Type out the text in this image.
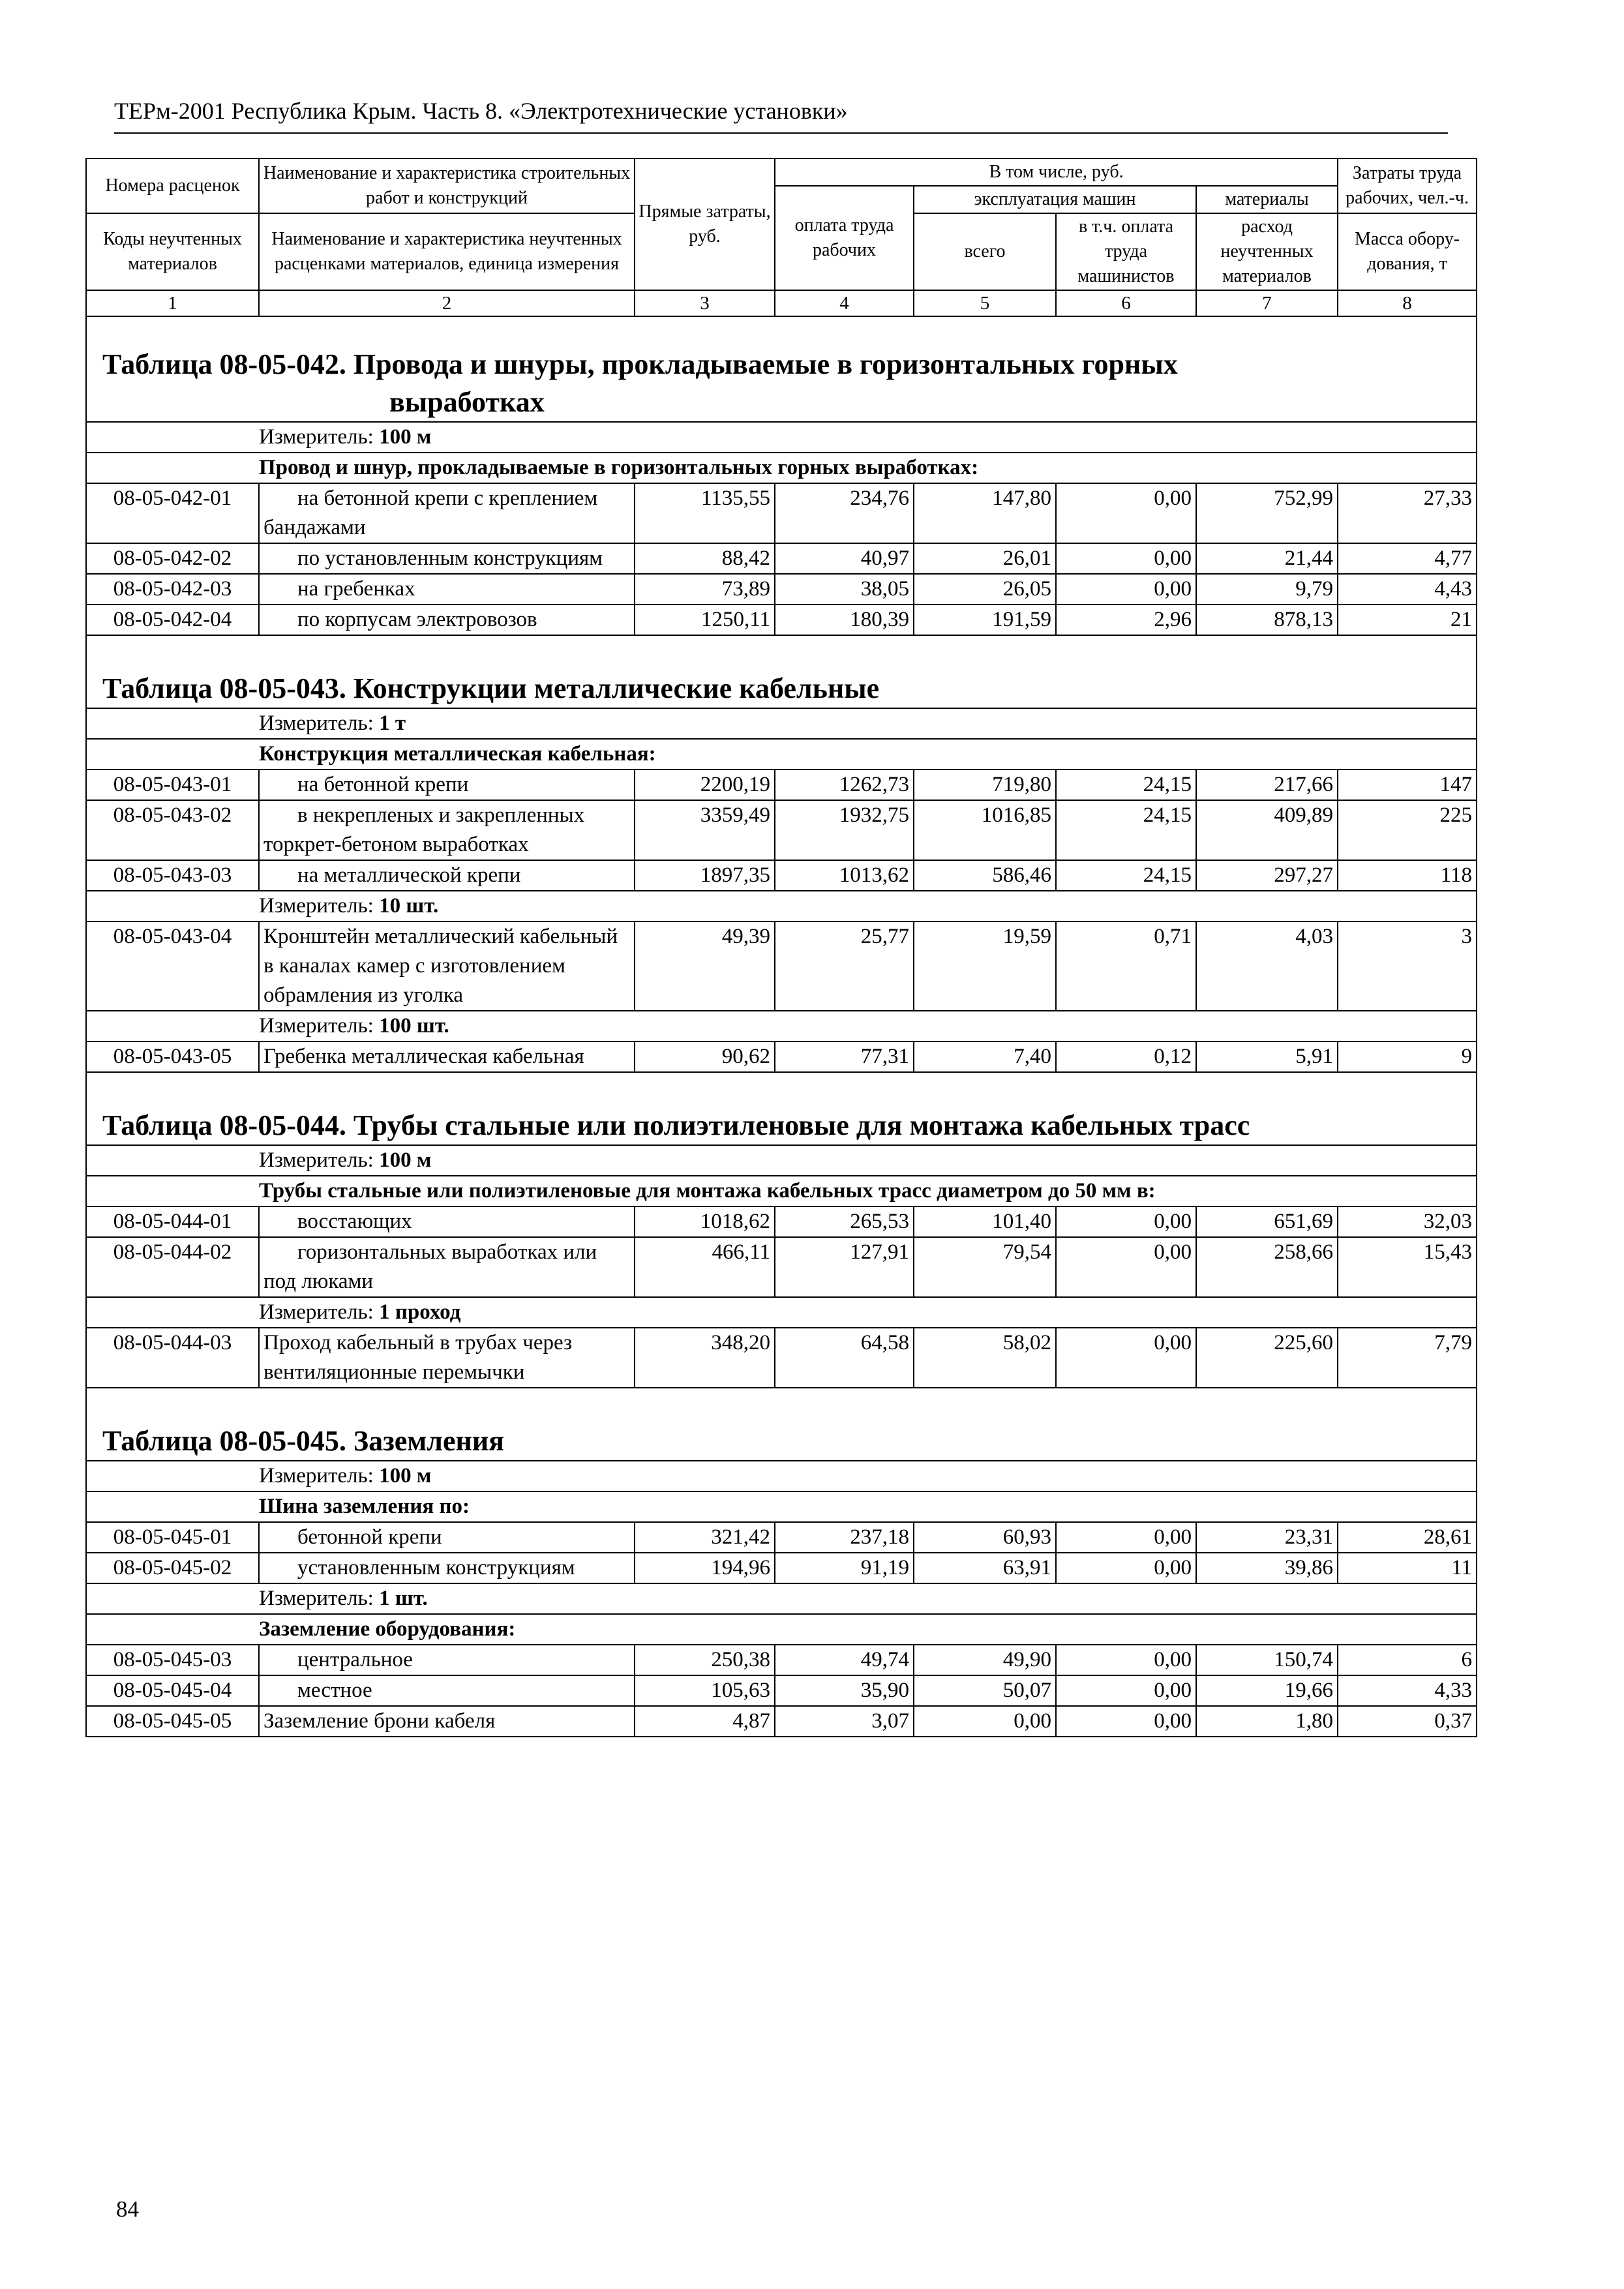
ТЕРм-2001 Республика Крым. Часть 8. «Электротехнические установки»
Номера расценок	Наименование и характеристика строительных работ и конструкций	Прямые затраты, руб.	В том числе, руб.				Затраты труда рабочих, чел.-ч.
			оплата труда рабочих	эксплуатация машин		материалы	
Коды неучтенных материалов	Наименование и характеристика неучтенных расценками материалов, единица измерения			всего	в т.ч. оплата труда машинистов	расход неучтенных материалов	
							Масса обору-дования, т
1	2	3	4	5	6	7	8
Таблица 08-05-042. Провода и шнуры, прокладываемые в горизонтальных горных
выработках							

	Измеритель: 100 м						
	Провод и шнур, прокладываемые в горизонтальных горных выработках:						
08-05-042-01	на бетонной крепи с креплением бандажами	1135,55	234,76	147,80	0,00	752,99	27,33
08-05-042-02	по установленным конструкциям	88,42	40,97	26,01	0,00	21,44	4,77
08-05-042-03	на гребенках	73,89	38,05	26,05	0,00	9,79	4,43
08-05-042-04	по корпусам электровозов	1250,11	180,39	191,59	2,96	878,13	21
Таблица 08-05-043. Конструкции металлические кабельные							
	Измеритель: 1 т						
	Конструкция металлическая кабельная:						
08-05-043-01	на бетонной крепи	2200,19	1262,73	719,80	24,15	217,66	147
08-05-043-02	в некрепленых и закрепленных торкрет-бетоном выработках	3359,49	1932,75	1016,85	24,15	409,89	225
08-05-043-03	на металлической крепи	1897,35	1013,62	586,46	24,15	297,27	118
	Измеритель: 10 шт.						
08-05-043-04	Кронштейн металлический кабельный в каналах камер с изготовлением обрамления из уголка	49,39	25,77	19,59	0,71	4,03	3
	Измеритель: 100 шт.						
08-05-043-05	Гребенка металлическая кабельная	90,62	77,31	7,40	0,12	5,91	9
Таблица 08-05-044. Трубы стальные или полиэтиленовые для монтажа кабельных трасс							
	Измеритель: 100 м						
	Трубы стальные или полиэтиленовые для монтажа кабельных трасс диаметром до 50 мм в:						
08-05-044-01	восстающих	1018,62	265,53	101,40	0,00	651,69	32,03
08-05-044-02	горизонтальных выработках или под люками	466,11	127,91	79,54	0,00	258,66	15,43
	Измеритель: 1 проход						
08-05-044-03	Проход кабельный в трубах через вентиляционные перемычки	348,20	64,58	58,02	0,00	225,60	7,79
Таблица 08-05-045. Заземления							
	Измеритель: 100 м						
	Шина заземления по:						
08-05-045-01	бетонной крепи	321,42	237,18	60,93	0,00	23,31	28,61
08-05-045-02	установленным конструкциям	194,96	91,19	63,91	0,00	39,86	11
	Измеритель: 1 шт.						
	Заземление оборудования:						
08-05-045-03	центральное	250,38	49,74	49,90	0,00	150,74	6
08-05-045-04	местное	105,63	35,90	50,07	0,00	19,66	4,33
08-05-045-05	Заземление брони кабеля	4,87	3,07	0,00	0,00	1,80	0,37
84
